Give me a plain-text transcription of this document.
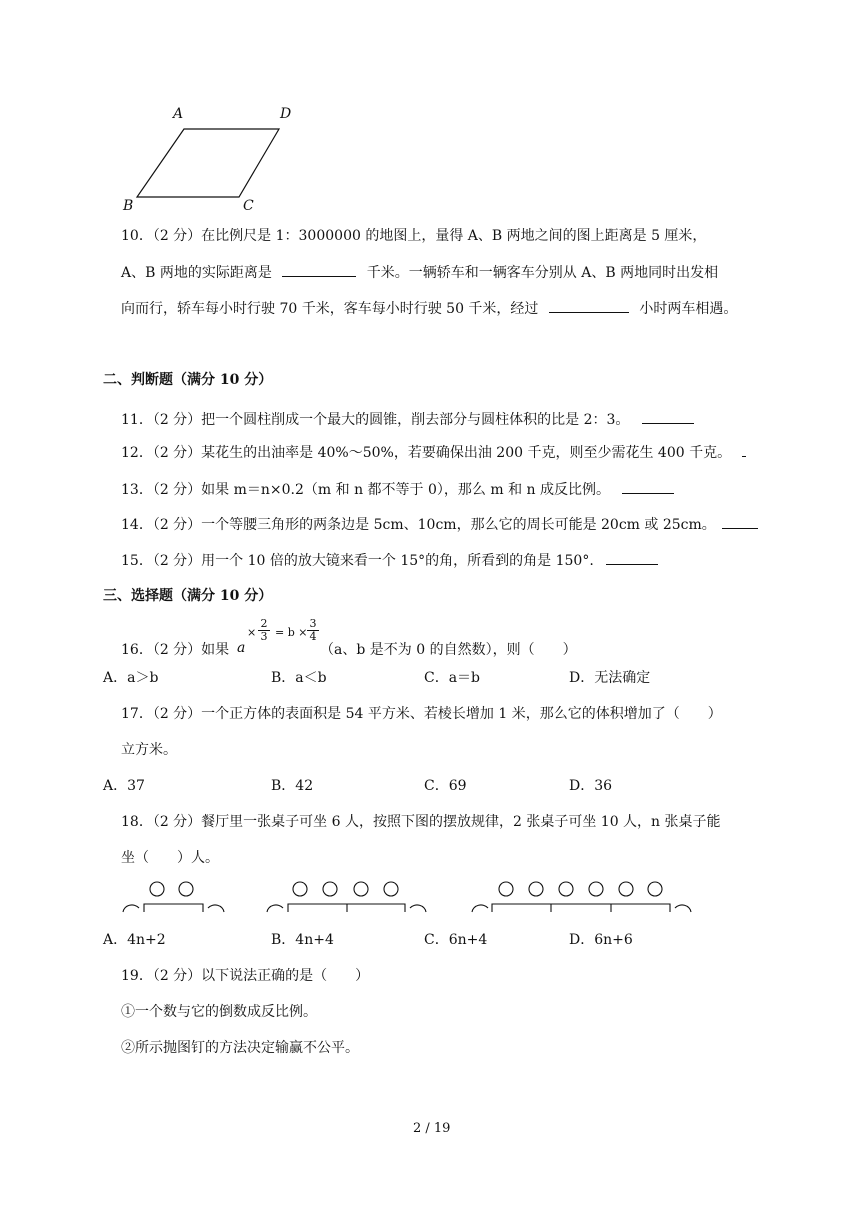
A	D
B	C
10．（2 分）在比例尺是 1：3000000 的地图上，量得 A、B 两地之间的图上距离是 5 厘米，
A、B 两地的实际距离是	千米。一辆轿车和一辆客车分别从 A、B 两地同时出发相
向而行，轿车每小时行驶 70 千米，客车每小时行驶 50 千米，经过	小时两车相遇。
二、判断题（满分 10 分）
11．（2 分）把一个圆柱削成一个最大的圆锥，削去部分与圆柱体积的比是 2：3。
12．（2 分）某花生的出油率是 40%～50%，若要确保出油 200 千克，则至少需花生 400 千克。
13．（2 分）如果 m＝n×0.2（m 和 n 都不等于 0），那么 m 和 n 成反比例。
14．（2 分）一个等腰三角形的两条边是 5cm、10cm，那么它的周长可能是 20cm 或 25cm。
15．（2 分）用一个 10 倍的放大镜来看一个 15°的角，所看到的角是 150°.
三、选择题（满分 10 分）
16．（2 分）如果 a
× $\frac{2}{3} = b \times \frac{3}{4}$
（a、b 是不为 0 的自然数），则（　　）
A．a＞b	B．a＜b	C．a＝b	D．无法确定
17．（2 分）一个正方体的表面积是 54 平方米、若棱长增加 1 米，那么它的体积增加了（　　）
立方米。
A．37	B．42	C．69	D．36
18．（2 分）餐厅里一张桌子可坐 6 人，按照下图的摆放规律，2 张桌子可坐 10 人，n 张桌子能
坐（　　）人。
A．4n+2	B．4n+4	C．6n+4	D．6n+6
19．（2 分）以下说法正确的是（　　）
①一个数与它的倒数成反比例。
②所示抛图钉的方法决定输赢不公平。
2 / 19
